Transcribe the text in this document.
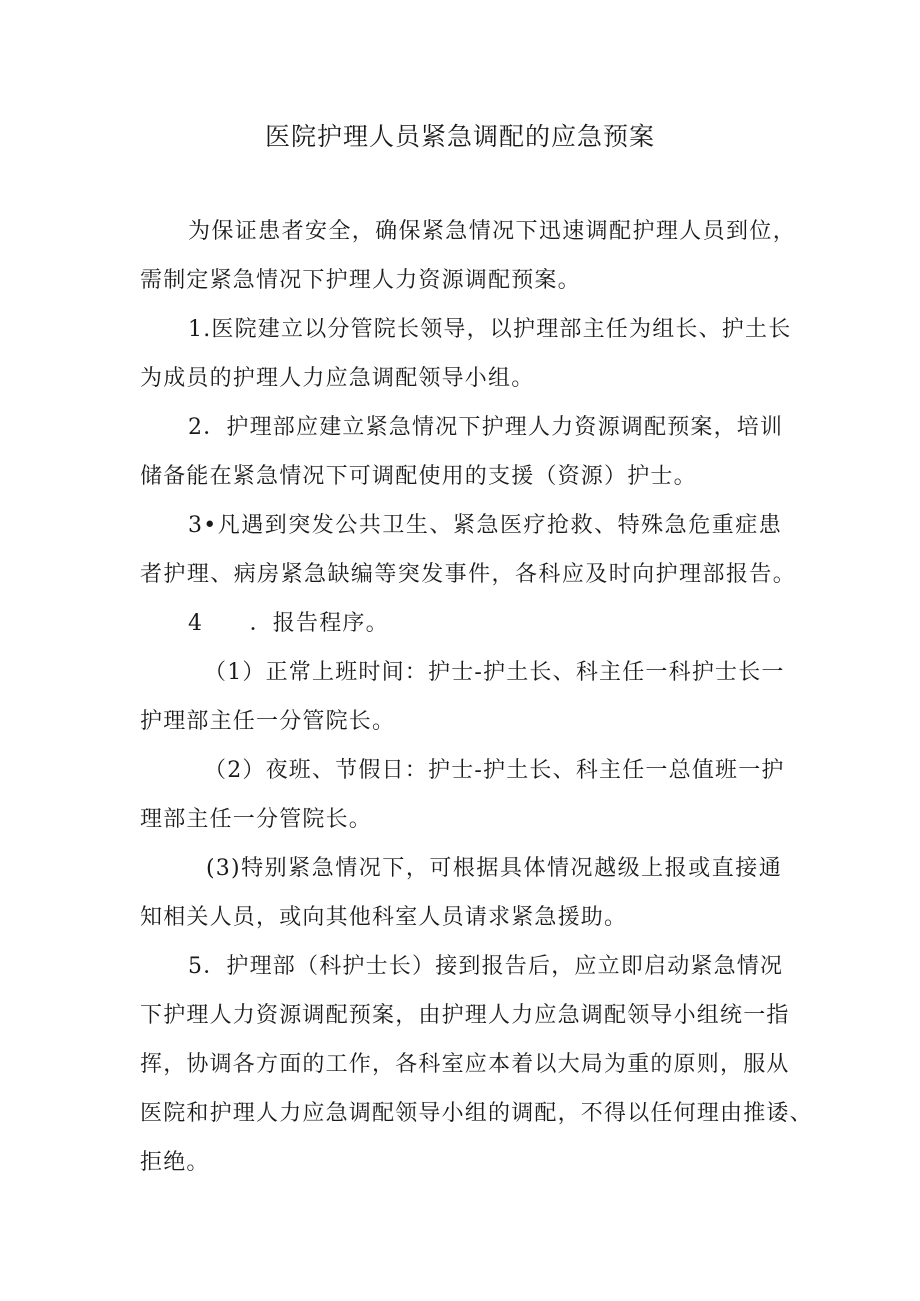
医院护理人员紧急调配的应急预案
为保证患者安全，确保紧急情况下迅速调配护理人员到位，
需制定紧急情况下护理人力资源调配预案。
1.医院建立以分管院长领导，以护理部主任为组长、护土长
为成员的护理人力应急调配领导小组。
2．护理部应建立紧急情况下护理人力资源调配预案，培训
储备能在紧急情况下可调配使用的支援（资源）护士。
3•凡遇到突发公共卫生、紧急医疗抢救、特殊急危重症患
者护理、病房紧急缺编等突发事件，各科应及时向护理部报告。
4　　．报告程序。
（1）正常上班时间：护士-护土长、科主任一科护士长一
护理部主任一分管院长。
（2）夜班、节假日：护士-护土长、科主任一总值班一护
理部主任一分管院长。
(3)特别紧急情况下，可根据具体情况越级上报或直接通
知相关人员，或向其他科室人员请求紧急援助。
5．护理部（科护士长）接到报告后，应立即启动紧急情况
下护理人力资源调配预案，由护理人力应急调配领导小组统一指
挥，协调各方面的工作，各科室应本着以大局为重的原则，服从
医院和护理人力应急调配领导小组的调配，不得以任何理由推诿、
拒绝。
